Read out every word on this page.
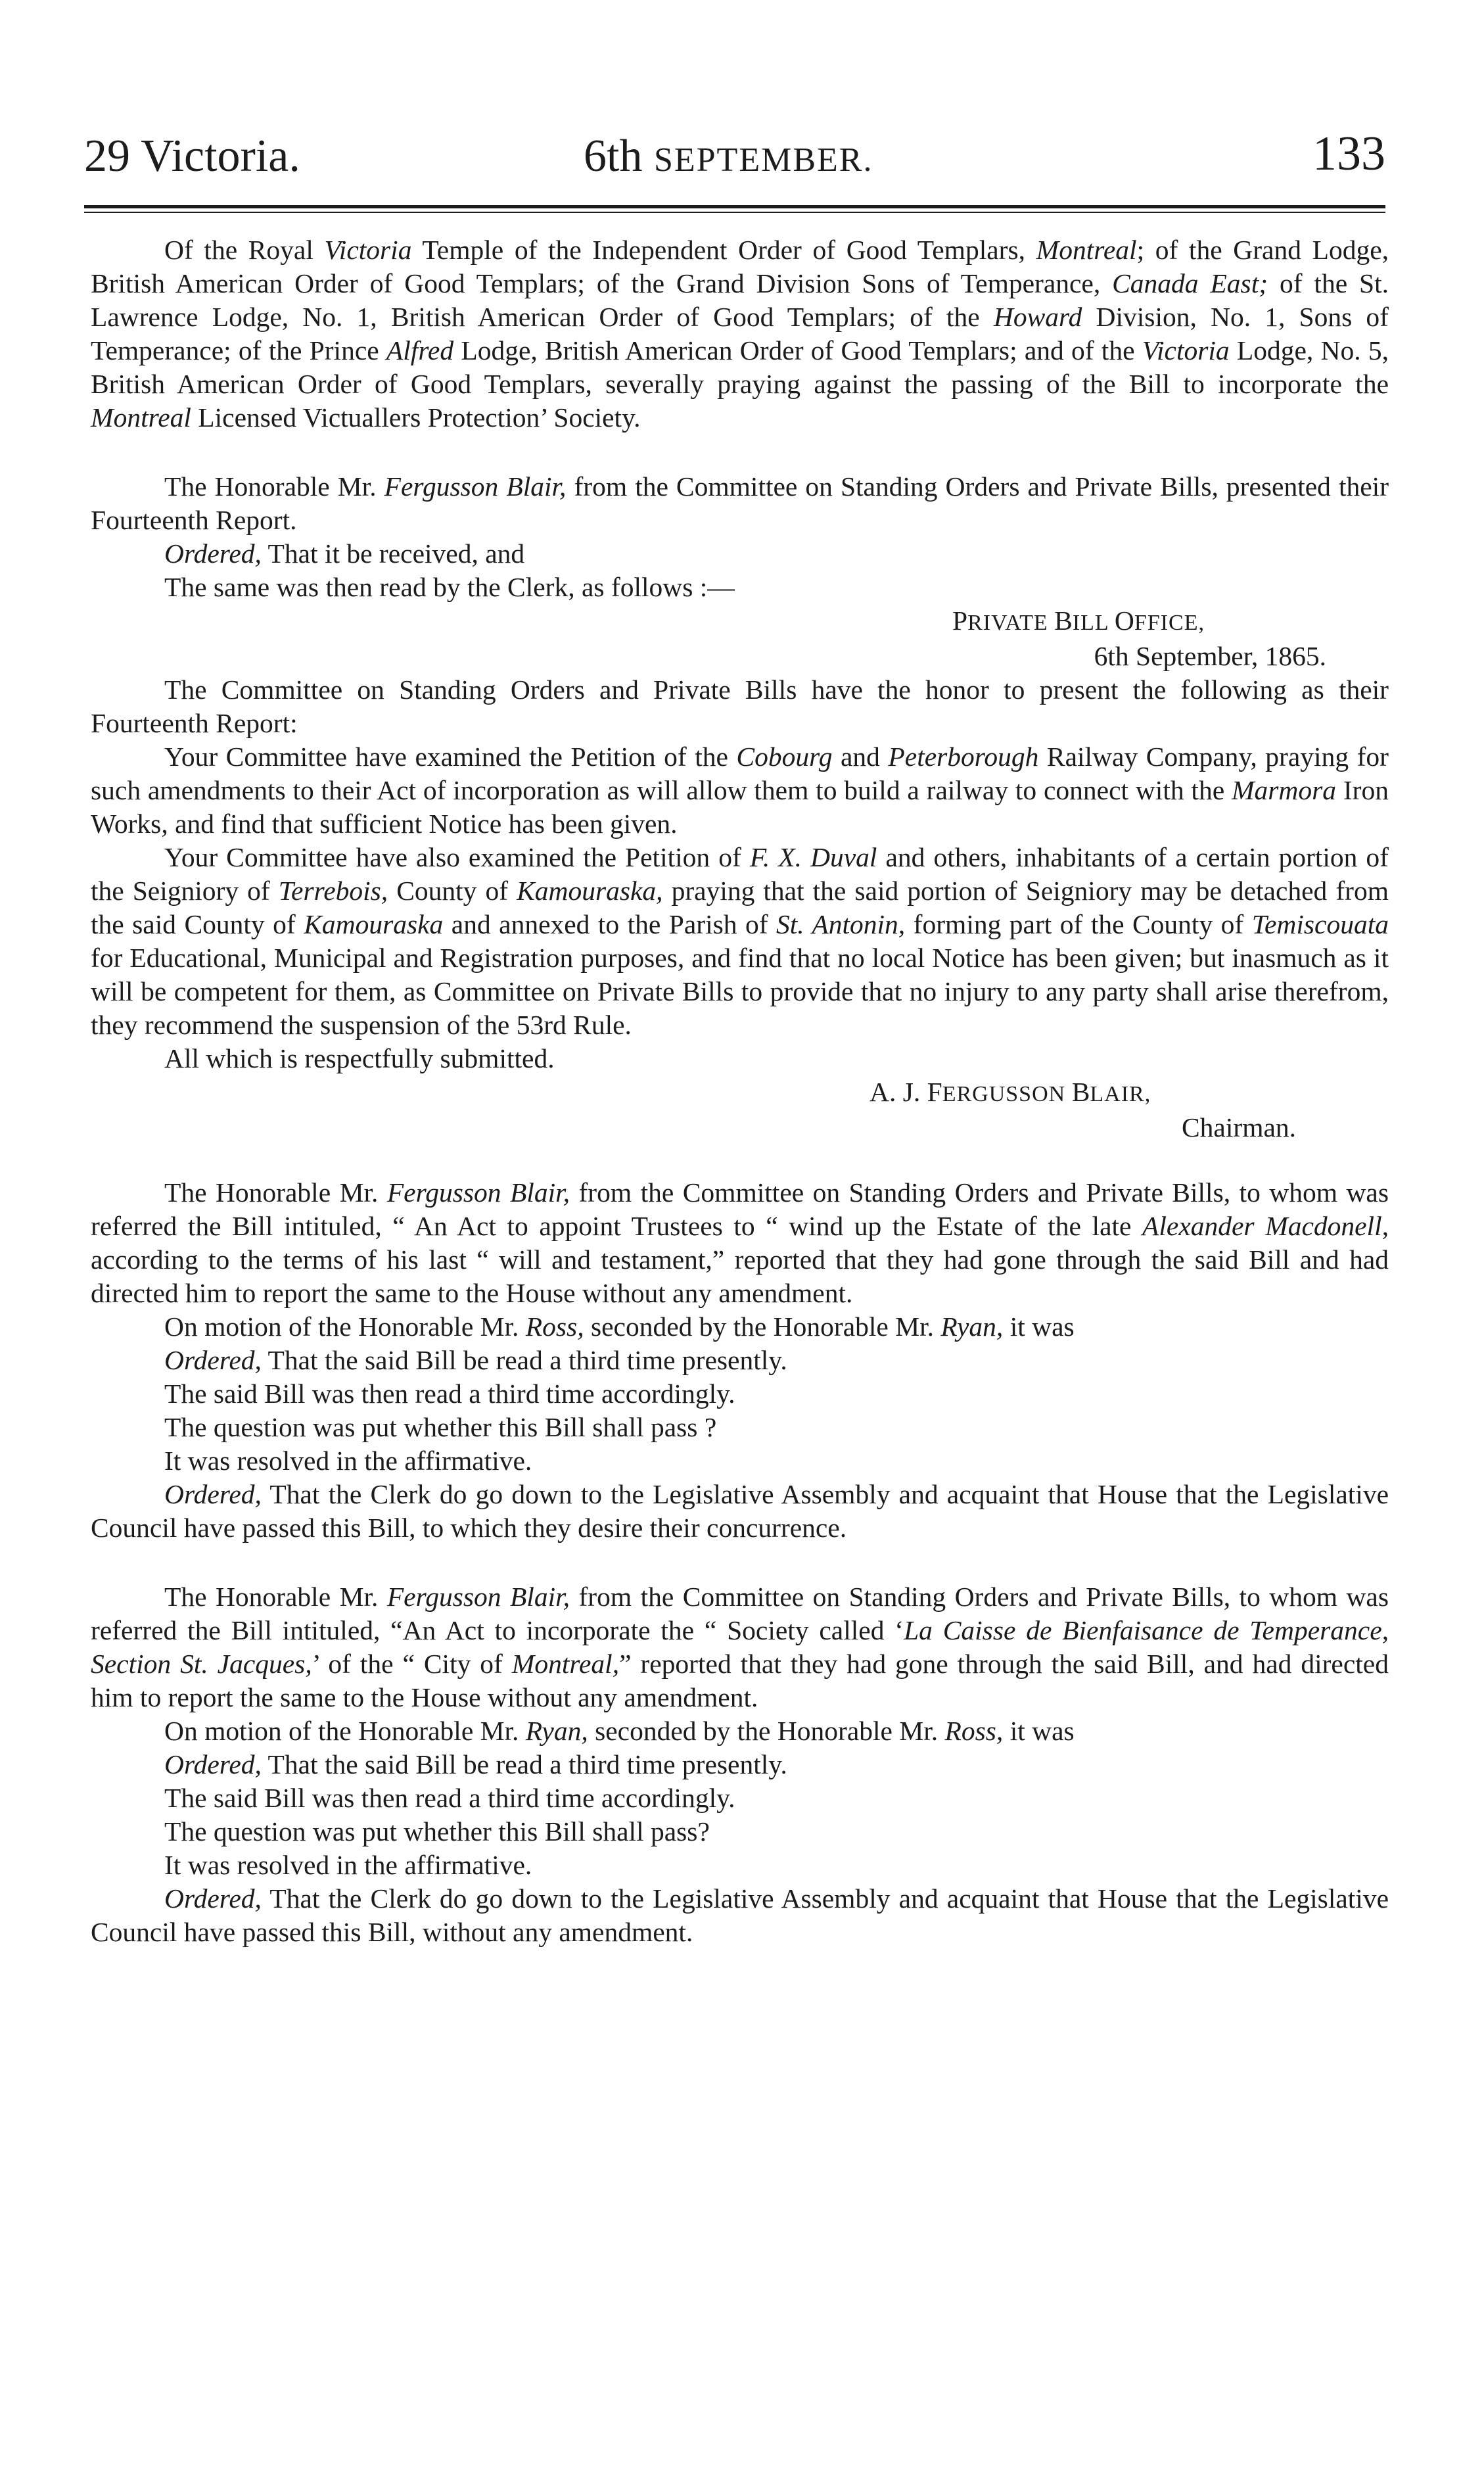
29 Victoria.	6th SEPTEMBER.	133

Of the Royal Victoria Temple of the Independent Order of Good Templars, Montreal; of the Grand Lodge, British American Order of Good Templars; of the Grand Division Sons of Temperance, Canada East; of the St. Lawrence Lodge, No. 1, British American Order of Good Templars; of the Howard Division, No. 1, Sons of Temperance; of the Prince Alfred Lodge, British American Order of Good Templars; and of the Victoria Lodge, No. 5, British American Order of Good Templars, severally praying against the passing of the Bill to incorporate the Montreal Licensed Victuallers Protection’ Society.

The Honorable Mr. Fergusson Blair, from the Committee on Standing Orders and Private Bills, presented their Fourteenth Report.

Ordered, That it be received, and

The same was then read by the Clerk, as follows :—

PRIVATE BILL OFFICE,

6th September, 1865.

The Committee on Standing Orders and Private Bills have the honor to present the following as their Fourteenth Report:

Your Committee have examined the Petition of the Cobourg and Peterborough Railway Company, praying for such amendments to their Act of incorporation as will allow them to build a railway to connect with the Marmora Iron Works, and find that sufficient Notice has been given.

Your Committee have also examined the Petition of F. X. Duval and others, inhabitants of a certain portion of the Seigniory of Terrebois, County of Kamouraska, praying that the said portion of Seigniory may be detached from the said County of Kamouraska and annexed to the Parish of St. Antonin, forming part of the County of Temiscouata for Educational, Municipal and Registration purposes, and find that no local Notice has been given; but inasmuch as it will be competent for them, as Committee on Private Bills to provide that no injury to any party shall arise therefrom, they recommend the suspension of the 53rd Rule.

All which is respectfully submitted.

A. J. FERGUSSON BLAIR,

Chairman.

The Honorable Mr. Fergusson Blair, from the Committee on Standing Orders and Private Bills, to whom was referred the Bill intituled, “ An Act to appoint Trustees to “ wind up the Estate of the late Alexander Macdonell, according to the terms of his last “ will and testament,” reported that they had gone through the said Bill and had directed him to report the same to the House without any amendment.

On motion of the Honorable Mr. Ross, seconded by the Honorable Mr. Ryan, it was

Ordered, That the said Bill be read a third time presently.

The said Bill was then read a third time accordingly.

The question was put whether this Bill shall pass ?

It was resolved in the affirmative.

Ordered, That the Clerk do go down to the Legislative Assembly and acquaint that House that the Legislative Council have passed this Bill, to which they desire their concurrence.

The Honorable Mr. Fergusson Blair, from the Committee on Standing Orders and Private Bills, to whom was referred the Bill intituled, “An Act to incorporate the “ Society called ‘La Caisse de Bienfaisance de Temperance, Section St. Jacques,’ of the “ City of Montreal,” reported that they had gone through the said Bill, and had directed him to report the same to the House without any amendment.

On motion of the Honorable Mr. Ryan, seconded by the Honorable Mr. Ross, it was

Ordered, That the said Bill be read a third time presently.

The said Bill was then read a third time accordingly.

The question was put whether this Bill shall pass?

It was resolved in the affirmative.

Ordered, That the Clerk do go down to the Legislative Assembly and acquaint that House that the Legislative Council have passed this Bill, without any amendment.
